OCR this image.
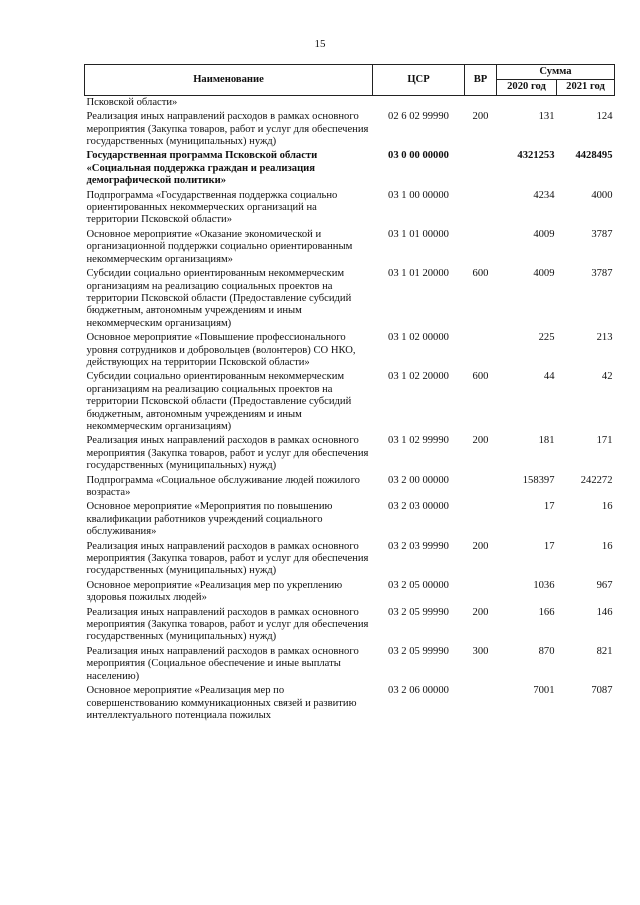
15
Наименование	ЦСР	ВР	Сумма	
			2020 год	2021 год
Псковской области»				
Реализация иных направлений расходов в рамках основного мероприятия (Закупка товаров, работ и услуг для обеспечения государственных (муниципальных) нужд)	02 6 02 99990	200	131	124
Государственная программа Псковской области «Социальная поддержка граждан и реализация демографической политики»	03 0 00 00000		4321253	4428495
Подпрограмма «Государственная поддержка социально ориентированных некоммерческих организаций на территории Псковской области»	03 1 00 00000		4234	4000
Основное мероприятие «Оказание экономической и организационной поддержки социально ориентированным некоммерческим организациям»	03 1 01 00000		4009	3787
Субсидии социально ориентированным некоммерческим организациям на реализацию социальных проектов на территории Псковской области (Предоставление субсидий бюджетным, автономным учреждениям и иным некоммерческим организациям)	03 1 01 20000	600	4009	3787
Основное мероприятие «Повышение профессионального уровня сотрудников и добровольцев (волонтеров) СО НКО, действующих на территории Псковской области»	03 1 02 00000		225	213
Субсидии социально ориентированным некоммерческим организациям на реализацию социальных проектов на территории Псковской области (Предоставление субсидий бюджетным, автономным учреждениям и иным некоммерческим организациям)	03 1 02 20000	600	44	42
Реализация иных направлений расходов в рамках основного мероприятия (Закупка товаров, работ и услуг для обеспечения государственных (муниципальных) нужд)	03 1 02 99990	200	181	171
Подпрограмма «Социальное обслуживание людей пожилого возраста»	03 2 00 00000		158397	242272
Основное мероприятие «Мероприятия по повышению квалификации работников учреждений социального обслуживания»	03 2 03 00000		17	16
Реализация иных направлений расходов в рамках основного мероприятия (Закупка товаров, работ и услуг для обеспечения государственных (муниципальных) нужд)	03 2 03 99990	200	17	16
Основное мероприятие «Реализация мер по укреплению здоровья пожилых людей»	03 2 05 00000		1036	967
Реализация иных направлений расходов в рамках основного мероприятия (Закупка товаров, работ и услуг для обеспечения государственных (муниципальных) нужд)	03 2 05 99990	200	166	146
Реализация иных направлений расходов в рамках основного мероприятия (Социальное обеспечение и иные выплаты населению)	03 2 05 99990	300	870	821
Основное мероприятие «Реализация мер по совершенствованию коммуникационных связей и развитию интеллектуального потенциала пожилых	03 2 06 00000		7001	7087
